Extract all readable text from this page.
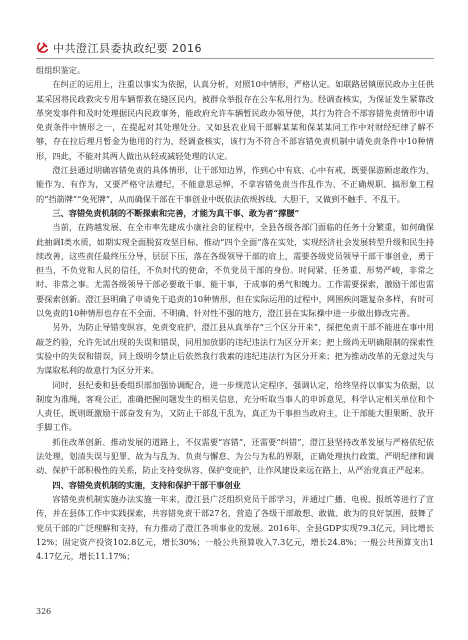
中共澄江县委执政纪要 2016

组组织鉴定。

在纠正的运用上，注重以事实为依据，认真分析，对照10中情形，严格认定。如联路居镇原民政办主任供某采因将民政救灾专用车辆帮救在缝区民内，被群众举报存在公车私用行为。经调查核实，为保证发生紧靠改革突发事件和及时处理据民内民政事务，能政府允许车辆暂民政办领导使，其行为符合不部容错免责情形中请免责条件中情形之一，在提起对其处理处分。又如县农业局干部解某某和保某某同工作中对财经纪律了解不够，存在拉后理月暂金为他用的行为，经调查核实，该行为不符合不部容错免责机制中请免责条件中10种情形，四此，不能对其两人做出从轻或减轻处理的认定。

澄江县通过明确容错免责的具体情形，让干部知边界，作到心中有底、心中有戒，既要保游顾虑敢作为、能作为、有作为，又要严格守法遵纪，不能意思忌惮，不拿容错免责当作乱作为、不正确规职、搞形象工程的“挡箭牌”“免死牌”，从而确保干部在干事创业中既依法依规拆线、大胆干，又做到不触手、不乱干。

三、容错免责机制的不断探索和完善，才能为真干事、敢为者“撑腰”

当前，在跨越发展、在全市率先建成小康社会的征程中，全县各级各部门面临的任务十分繁重，如何确保此抽调Ⅰ类水质，如期实现全面脱贫攻坚目标，推动“四个全面”落在实处，实现经济社会发展转型升级和民生持续改善，这些责任最终压分导，层层下压，落在各级领导干部的肩上，需要各级党员领导干部干事创业，勇于担当，不负党和人民的信任，不负时代的使命，不负党员干部的身份。时间紧、任务重、形势严峻，非常之时、非常之事。尤需各级领导干部必要敢干事、能干事，于成事的勇气和魄力。工作需要探索，激励干部也需要探索创新。澄江县明确了申请免于追责的10种情形，但在实际运用的过程中，网围疾问题复杂多样，有时可以免责的10种情形也存在不全面、不明确、针对性不强的地方，澄江县在实际操中进一步做出修改完善。

另外，为防止导错变纵容，免责变庇护，澄江县从真举存“三个区分开来”，探把免责干部不能进在事中用敲芝约验，允许先试出现的失误和错误，同用加放影的违纪违法行为区分开来；把上级尚无明确限制的探索性实验中的失误和错误，同上级明令禁止后依然我行我素的违纪违法行为区分开来；把为推动改革的无意过失与为谋取私利的故意行为区分开来。

同时，县纪委和县委组织部加强协调配合，进一步规范认定程序，强调认定，给终坚持以事实为依据，以制度为准绳，客观公正，准确把握问题发生的相关信息，充分听取当事人的申诉意见，科学认定相关单位和个人责任，既则既激励干部奋发有为，又防止干部乱干乱为，真正为干事担当政府主，让干部能大胆果断、放开手脚工作。

抓住改革创新、推动发展的道路上，不仅需要“容错”，还需要“纠错”，澄江县坚持改革发展与严格依纪依法处理，划清失误与犯罪、故为与乱为、负责与懈怠、为公与为私的界限，正确处理执行政策、严明纪律和调动、保护干部积极性的关系，防止支持变纵容、保护变庇护，让作风建设来远在路上，从严治党真正严起来。

四、容错免责机制的实施，支持和保护干部干事创业

容错免责机制实施办法实施一年来，澄江县广泛组织党员干部学习，并通过广播、电视、报纸等进行了宣传，并在县体工作中实践探索，共容错免责干部27名，营造了各级干部敢想、敢做、敢为的良好氛围，鼓舞了党员干部的广泛理解和支持，有力推动了澄江各项事业的发展。2016年，全县GDP实现79.3亿元，同比增长12%；固定资产投资102.8亿元，增长30%；一般公共预算收入7.3亿元，增长24.8%；一般公共预算支出14.17亿元，增长11.17%；

326
